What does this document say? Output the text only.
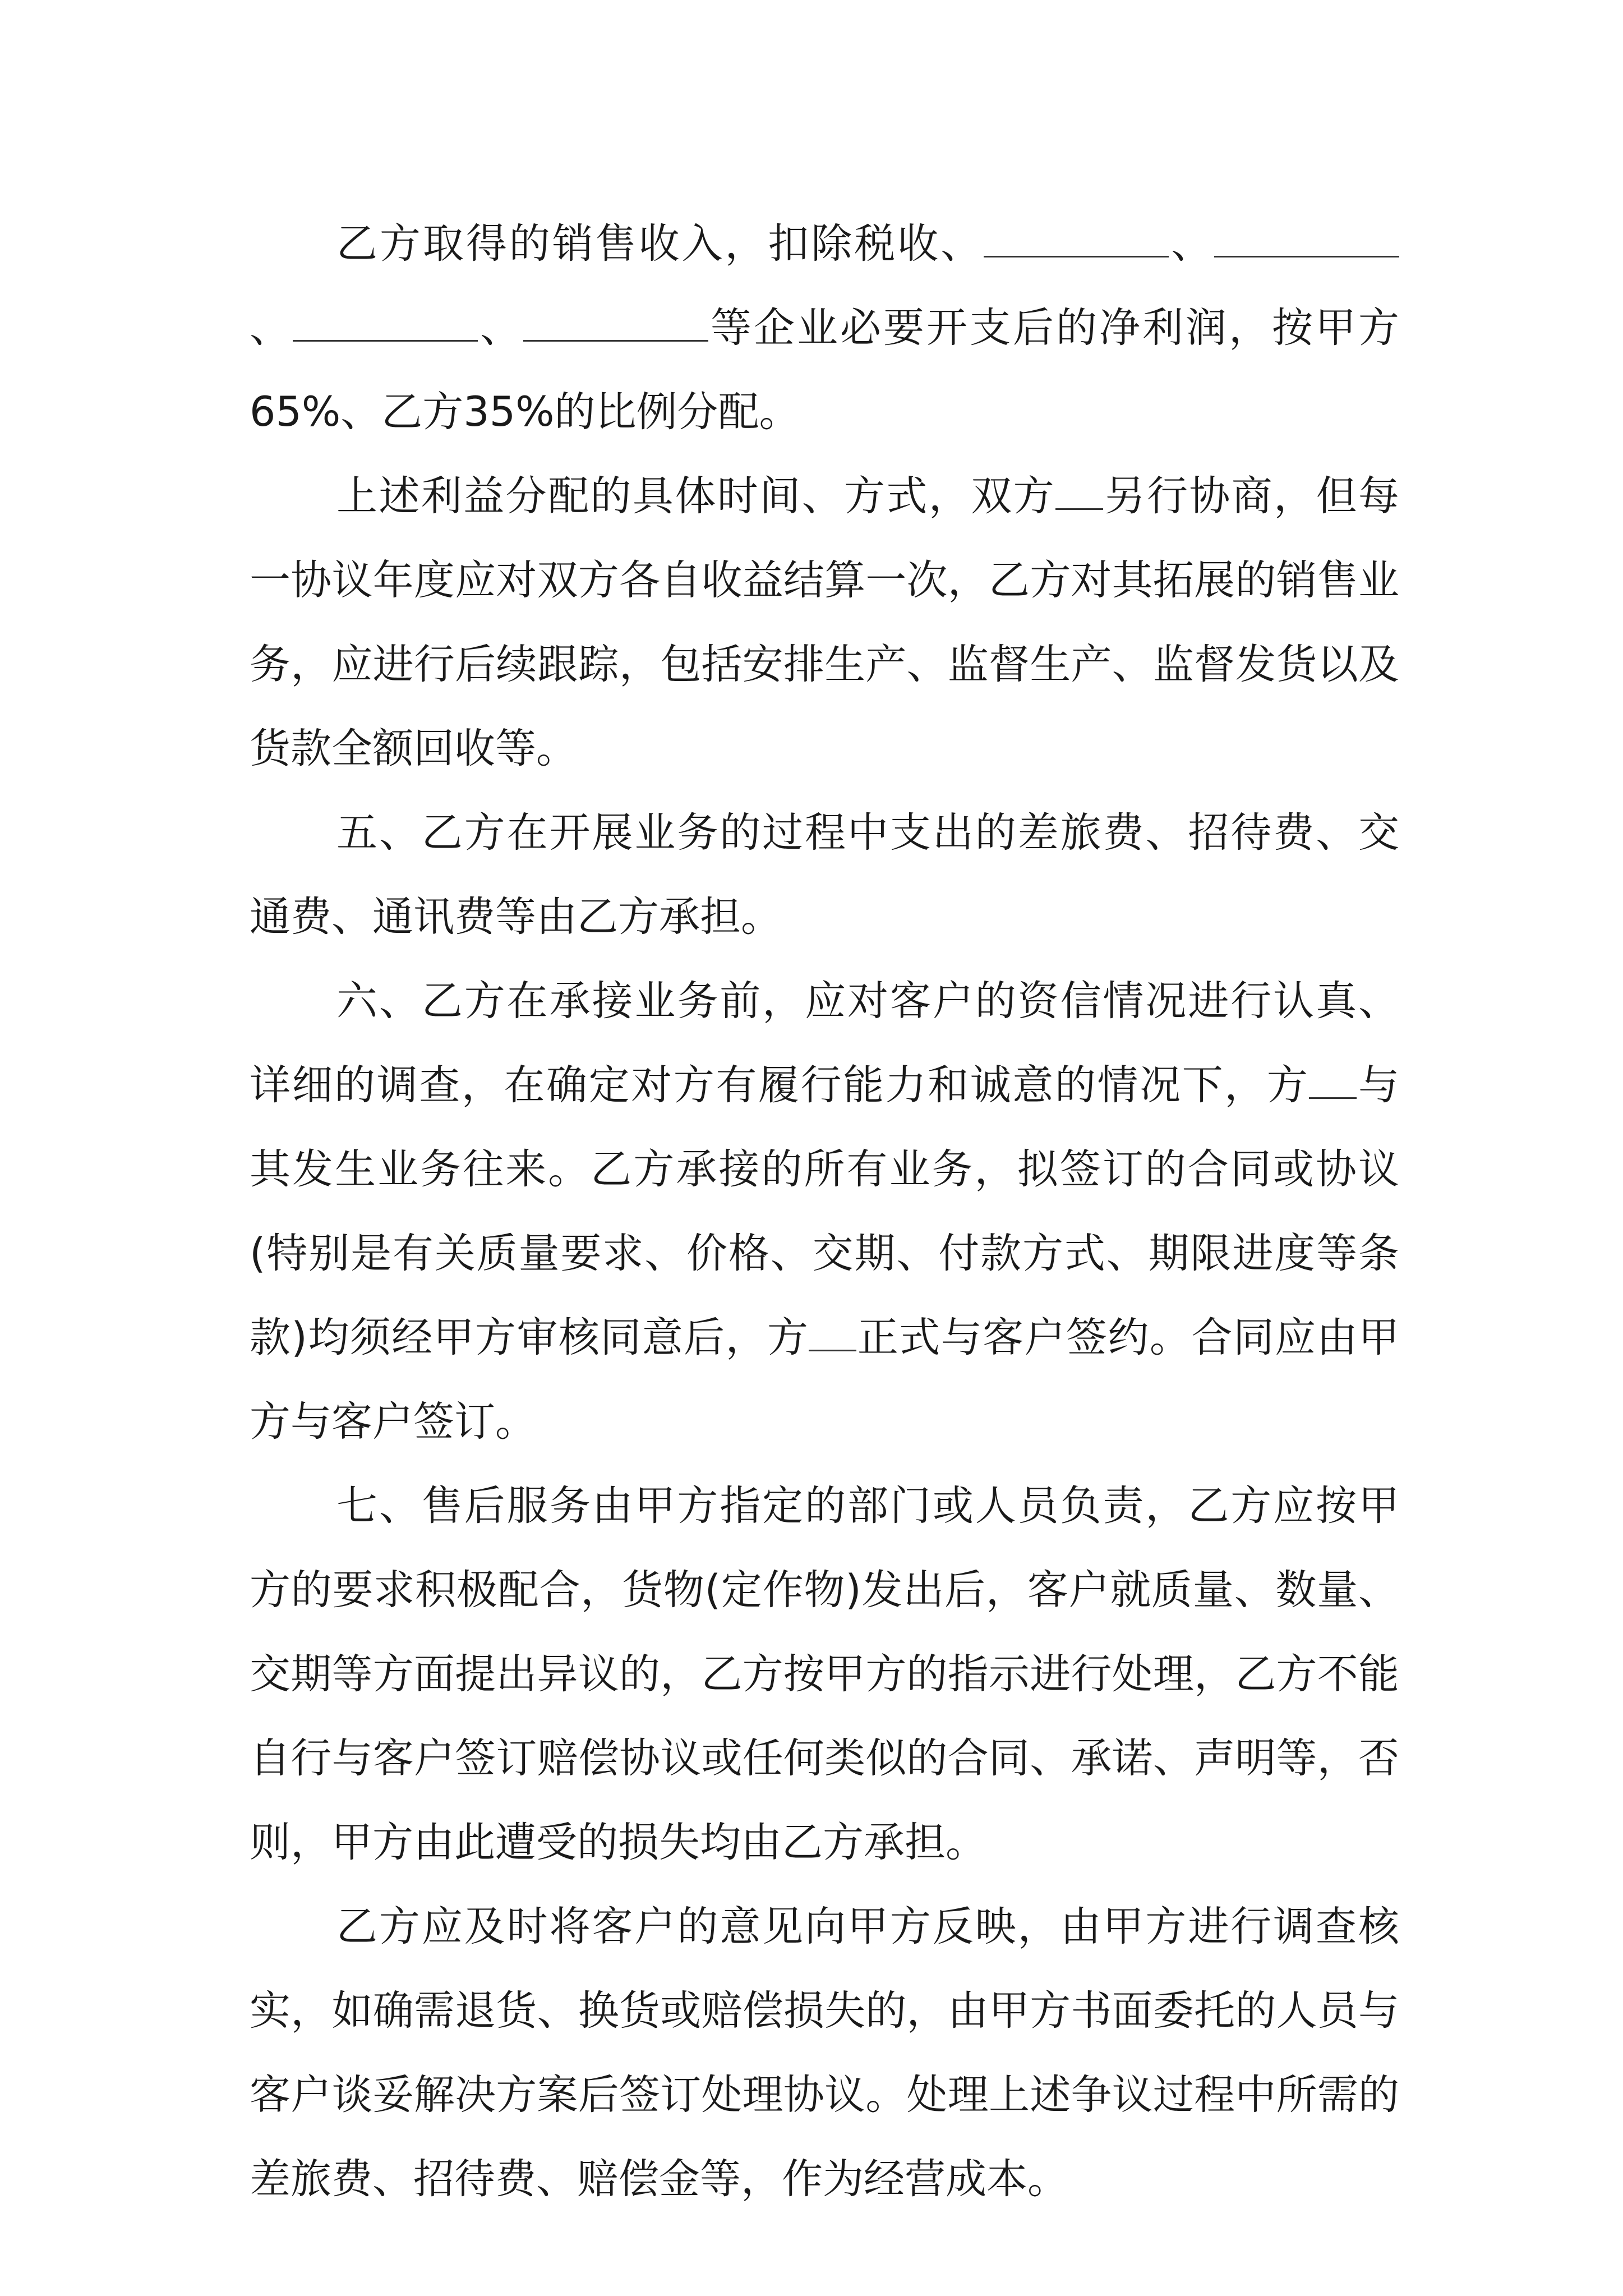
乙方取得的销售收入，扣除税收、	、、	、	等企业必要开支后的净利润，按甲方65%、乙方35%的比例分配。

上述利益分配的具体时间、方式，双方 另行协商，但每一协议年度应对双方各自收益结算一次，乙方对其拓展的销售业务，应进行后续跟踪，包括安排生产、监督生产、监督发货以及货款全额回收等。

五、乙方在开展业务的过程中支出的差旅费、招待费、交通费、通讯费等由乙方承担。

六、乙方在承接业务前，应对客户的资信情况进行认真、详细的调查，在确定对方有履行能力和诚意的情况下，方 与其发生业务往来。乙方承接的所有业务，拟签订的合同或协议(特别是有关质量要求、价格、交期、付款方式、期限进度等条款)均须经甲方审核同意后，方 正式与客户签约。合同应由甲方与客户签订。

七、售后服务由甲方指定的部门或人员负责，乙方应按甲方的要求积极配合，货物(定作物)发出后，客户就质量、数量、交期等方面提出异议的，乙方按甲方的指示进行处理，乙方不能自行与客户签订赔偿协议或任何类似的合同、承诺、声明等，否则，甲方由此遭受的损失均由乙方承担。

乙方应及时将客户的意见向甲方反映，由甲方进行调查核实，如确需退货、换货或赔偿损失的，由甲方书面委托的人员与客户谈妥解决方案后签订处理协议。处理上述争议过程中所需的差旅费、招待费、赔偿金等，作为经营成本。
